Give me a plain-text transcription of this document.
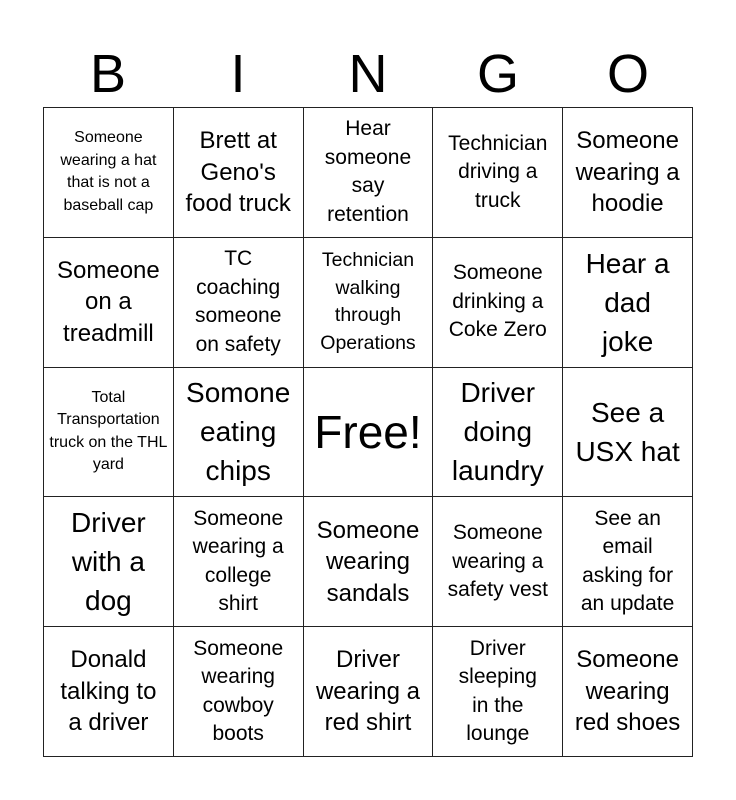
B	I	N	G	O
Someone wearing a hat that is not a baseball cap
Brett at Geno's food truck
Hear someone say retention
Technician driving a truck
Someone wearing a hoodie
Someone on a treadmill
TC coaching someone on safety
Technician walking through Operations
Someone drinking a Coke Zero
Hear a dad joke
Total Transportation truck on the THL yard
Somone eating chips
Free!
Driver doing laundry
See a USX hat
Driver with a dog
Someone wearing a college shirt
Someone wearing sandals
Someone wearing a safety vest
See an email asking for an update
Donald talking to a driver
Someone wearing cowboy boots
Driver wearing a red shirt
Driver sleeping in the lounge
Someone wearing red shoes
